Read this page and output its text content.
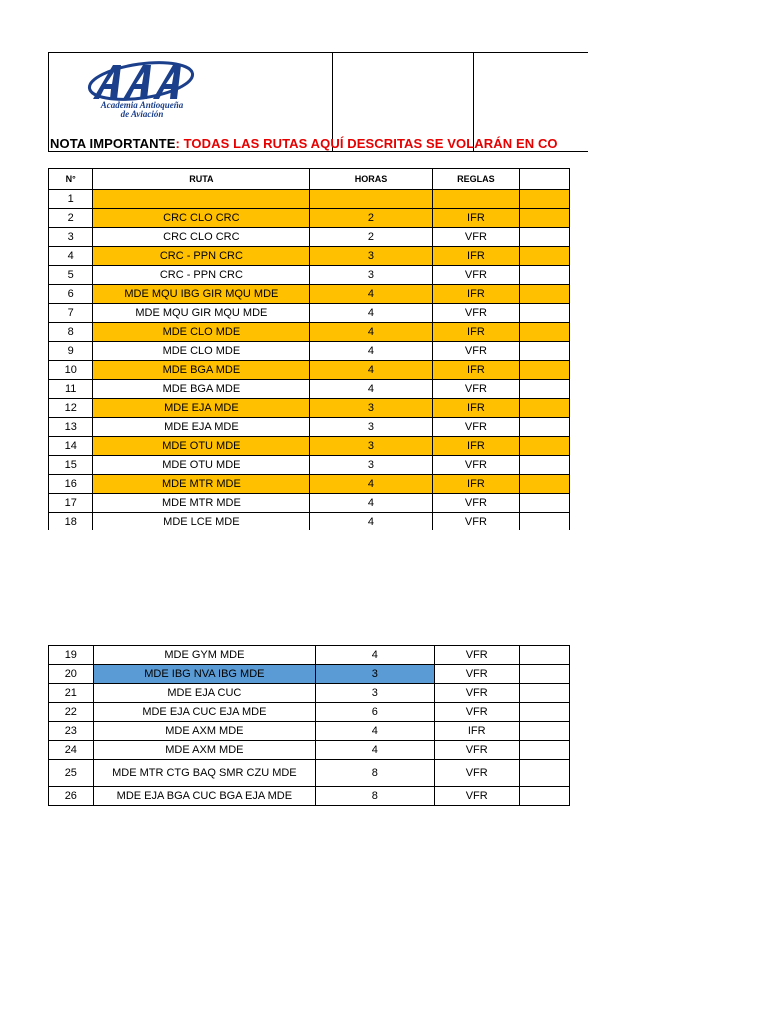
Academia Antioqueña
de Aviación
NOTA IMPORTANTE: TODAS LAS RUTAS AQUÍ DESCRITAS SE VOLARÁN EN CO
N°	RUTA	HORAS	REGLAS	
1				
2	CRC CLO CRC	2	IFR	
3	CRC CLO CRC	2	VFR	
4	CRC - PPN CRC	3	IFR	
5	CRC - PPN CRC	3	VFR	
6	MDE MQU IBG GIR MQU MDE	4	IFR	
7	MDE MQU GIR MQU MDE	4	VFR	
8	MDE CLO MDE	4	IFR	
9	MDE CLO MDE	4	VFR	
10	MDE BGA MDE	4	IFR	
11	MDE BGA MDE	4	VFR	
12	MDE EJA MDE	3	IFR	
13	MDE EJA MDE	3	VFR	
14	MDE OTU MDE	3	IFR	
15	MDE OTU MDE	3	VFR	
16	MDE MTR MDE	4	IFR	
17	MDE MTR MDE	4	VFR	
18	MDE LCE MDE	4	VFR	
19	MDE GYM MDE	4	VFR	
20	MDE IBG NVA IBG MDE	3	VFR	
21	MDE EJA CUC	3	VFR	
22	MDE EJA CUC EJA MDE	6	VFR	
23	MDE AXM MDE	4	IFR	
24	MDE AXM MDE	4	VFR	
25	MDE MTR CTG BAQ SMR CZU MDE	8	VFR	
26	MDE EJA BGA CUC BGA EJA MDE	8	VFR	
